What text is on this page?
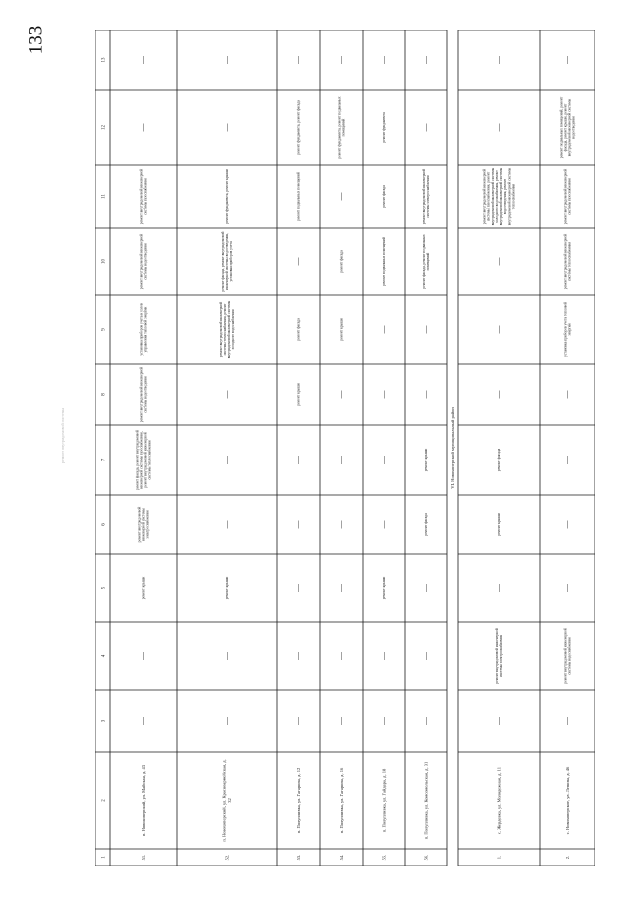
133
ремонт внутридомовой системы
1
2
3
4
5
6
7
8
9
10
11
12
13
VI. Новохоперский муниципальный район
51.
п. Новохоперский, ул. Майская, д. 43
—
—
ремонт крыши
ремонт внутридомовой инженерной системы электроснабжения
ремонт фасада, ремонт внутридомовой инженерной системы газоснабжения, ремонт внутридомовой инженерной системы теплоснабжения
ремонт внутридомовой инженерной системы водоотведения
установка приборов учета и узлов управления тепловой энергии
ремонт внутридомовой инженерной системы водоотведения
ремонт внутридомовой инженерной системы газоснабжения
—
—
52.
п. Новохоперский, ул. Красноармейская, д. 32
—
—
ремонт крыши
—
—
—
ремонт внутридомовой инженерной системы теплоснабжения, ремонт внутридомовой инженерной системы холодного водоснабжения
ремонт фасада, ремонт внутридомовой инженерной системы водоотведения, установка приборов учета
ремонт фундамента, ремонт крыши
—
—
53.
п. Полупливка, ул. Гагарина, д. 12
—
—
—
—
—
ремонт крыши
ремонт фасада
—
ремонт подвальных помещений
ремонт фундамента, ремонт фасада
—
54.
п. Полупливка, ул. Гагарина, д. 16
—
—
—
—
—
—
ремонт крыши
ремонт фасада
—
ремонт фундамента, ремонт подвальных помещений
—
55.
п. Полупливка, ул. Гайдара, д. 18
—
—
ремонт крыши
—
—
—
—
ремонт подвальных помещений
ремонт фасада
ремонт фундамента
—
56.
п. Полупливка, ул. Комсомольская, д. 31
—
—
—
ремонт фасада
ремонт крыши
—
—
ремонт фасада, ремонт подвальных помещений
ремонт внутридомовой инженерной системы электроснабжения
—
—
1.
с. Жердевка, ул. Молодежная, д. 11
—
ремонт внутридомовой инженерной системы электроснабжения
—
ремонт крыши
ремонт фасада
—
—
—
ремонт внутридомовой инженерной системы газоснабжения, ремонт внутридомовой инженерной системы холодного водоснабжения, ремонт внутридомовой инженерной системы водоотведения, ремонт внутридомовой инженерной системы теплоснабжения
—
—
2.
с. Новохоперское, ул. Ленина, д. 46
—
ремонт внутридомовой инженерной системы водоснабжения
—
—
—
—
установка приборов учета тепловой энергии
ремонт внутридомовой инженерной системы теплоснабжения
ремонт внутридомовой инженерной системы газоснабжения
ремонт подвальных помещений, ремонт фасада, ремонт крыши, ремонт внутридомовой инженерной системы водоотведения
—
